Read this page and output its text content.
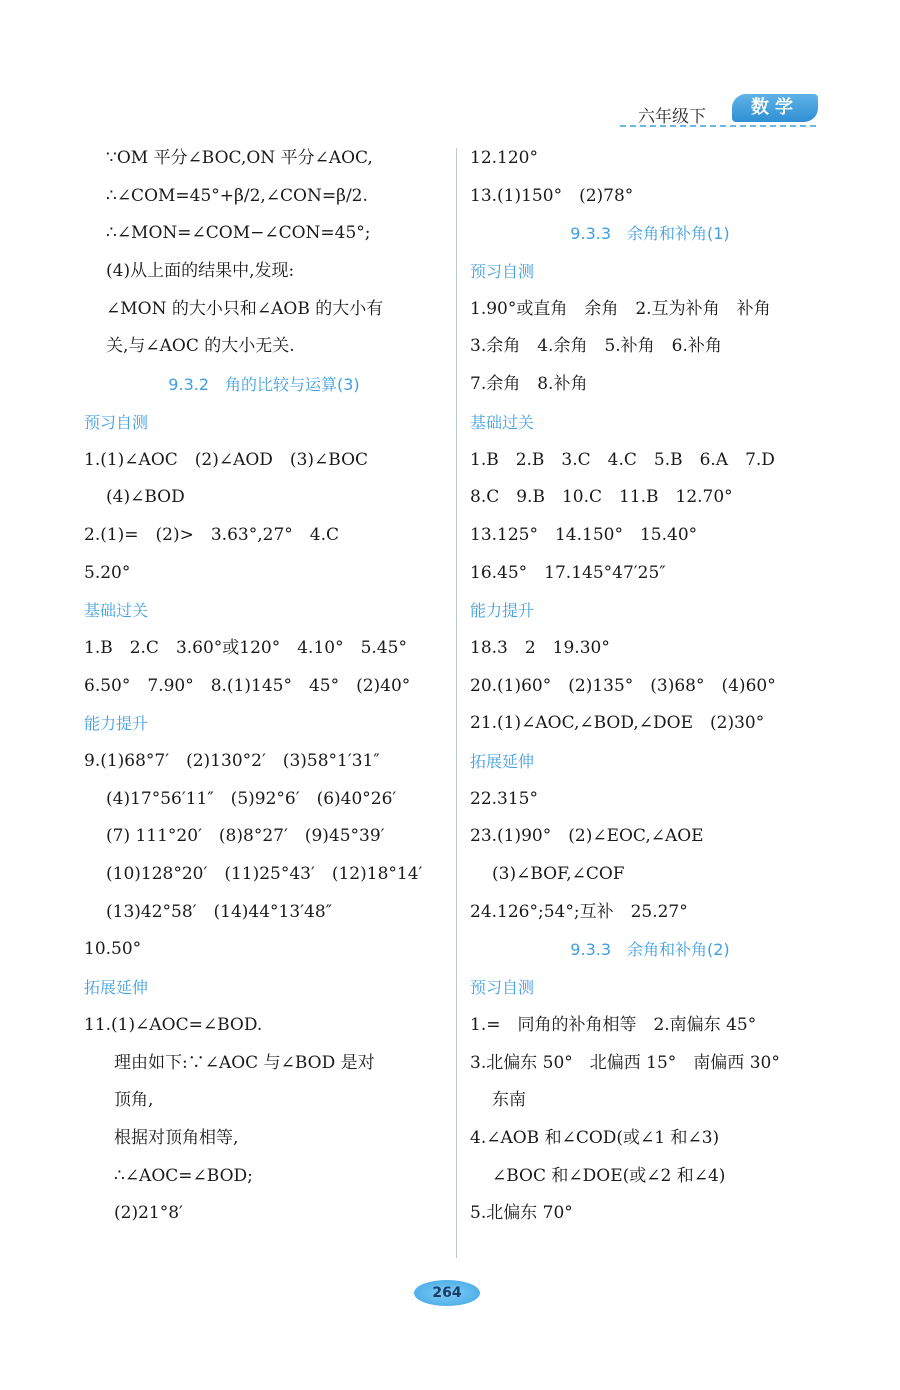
六年级下	数学
∵OM 平分∠BOC,ON 平分∠AOC,
∴∠COM=45°+β/2,∠CON=β/2.
∴∠MON=∠COM−∠CON=45°;
(4)从上面的结果中,发现:
∠MON 的大小只和∠AOB 的大小有
关,与∠AOC 的大小无关.
9.3.2　角的比较与运算(3)
预习自测
1.(1)∠AOC　(2)∠AOD　(3)∠BOC
(4)∠BOD
2.(1)=　(2)>　3.63°,27°　4.C
5.20°
基础过关
1.B　2.C　3.60°或120°　4.10°　5.45°
6.50°　7.90°　8.(1)145°　45°　(2)40°
能力提升
9.(1)68°7′　(2)130°2′　(3)58°1′31″
(4)17°56′11″　(5)92°6′　(6)40°26′
(7) 111°20′　(8)8°27′　(9)45°39′
(10)128°20′　(11)25°43′　(12)18°14′
(13)42°58′　(14)44°13′48″
10.50°
拓展延伸
11.(1)∠AOC=∠BOD.
理由如下:∵∠AOC 与∠BOD 是对
顶角,
根据对顶角相等,
∴∠AOC=∠BOD;
(2)21°8′
12.120°
13.(1)150°　(2)78°
9.3.3　余角和补角(1)
预习自测
1.90°或直角　余角　2.互为补角　补角
3.余角　4.余角　5.补角　6.补角
7.余角　8.补角
基础过关
1.B　2.B　3.C　4.C　5.B　6.A　7.D
8.C　9.B　10.C　11.B　12.70°
13.125°　14.150°　15.40°
16.45°　17.145°47′25″
能力提升
18.3　2　19.30°
20.(1)60°　(2)135°　(3)68°　(4)60°
21.(1)∠AOC,∠BOD,∠DOE　(2)30°
拓展延伸
22.315°
23.(1)90°　(2)∠EOC,∠AOE
(3)∠BOF,∠COF
24.126°;54°;互补　25.27°
9.3.3　余角和补角(2)
预习自测
1.=　同角的补角相等　2.南偏东 45°
3.北偏东 50°　北偏西 15°　南偏西 30°
东南
4.∠AOB 和∠COD(或∠1 和∠3)
∠BOC 和∠DOE(或∠2 和∠4)
5.北偏东 70°
264
